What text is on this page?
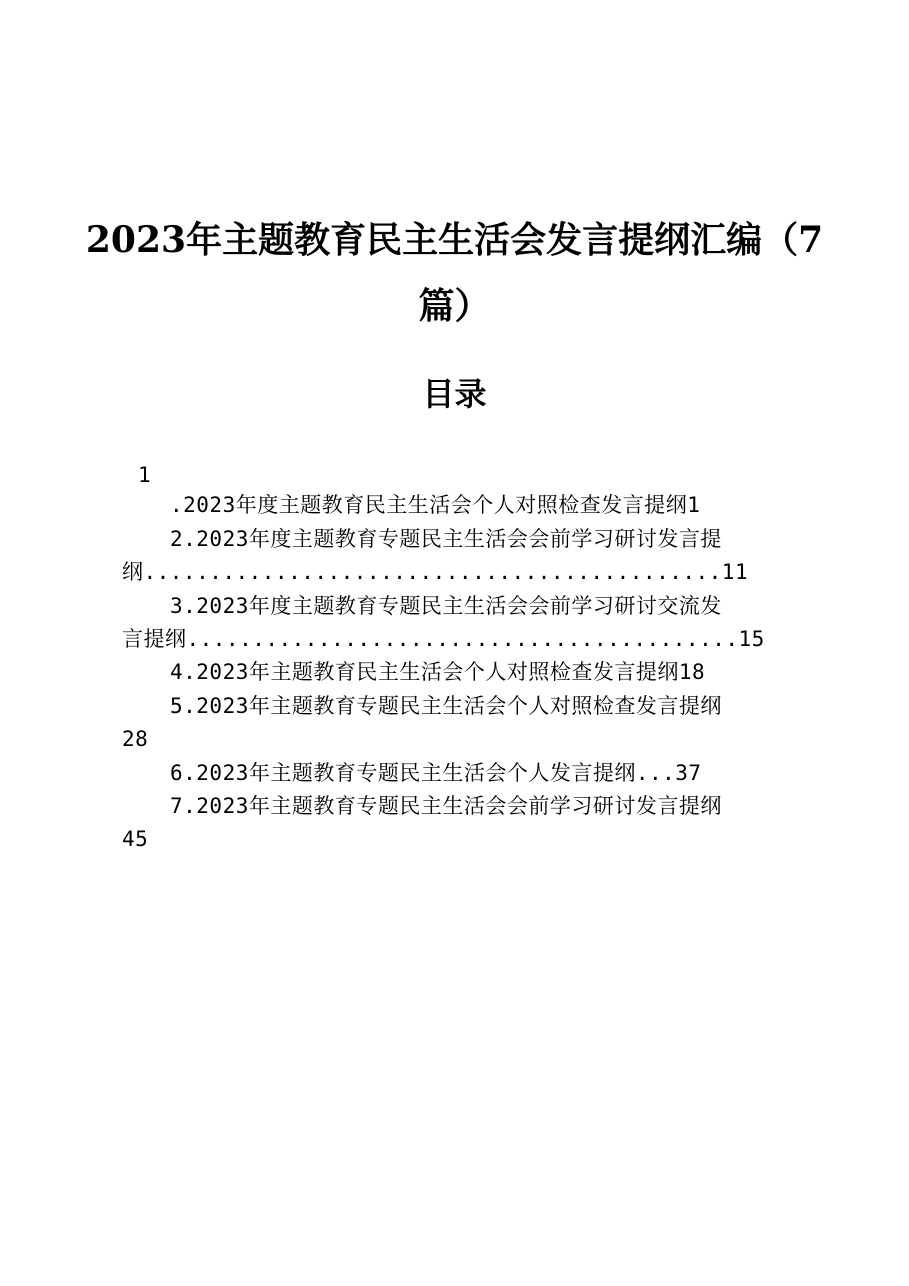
2023年主题教育民主生活会发言提纲汇编（7
篇）
目录
1
.2023年度主题教育民主生活会个人对照检查发言提纲1
2.2023年度主题教育专题民主生活会会前学习研讨发言提
纲............................................11
3.2023年度主题教育专题民主生活会会前学习研讨交流发
言提纲..........................................15
4.2023年主题教育民主生活会个人对照检查发言提纲18
5.2023年主题教育专题民主生活会个人对照检查发言提纲
28
6.2023年主题教育专题民主生活会个人发言提纲...37
7.2023年主题教育专题民主生活会会前学习研讨发言提纲
45
